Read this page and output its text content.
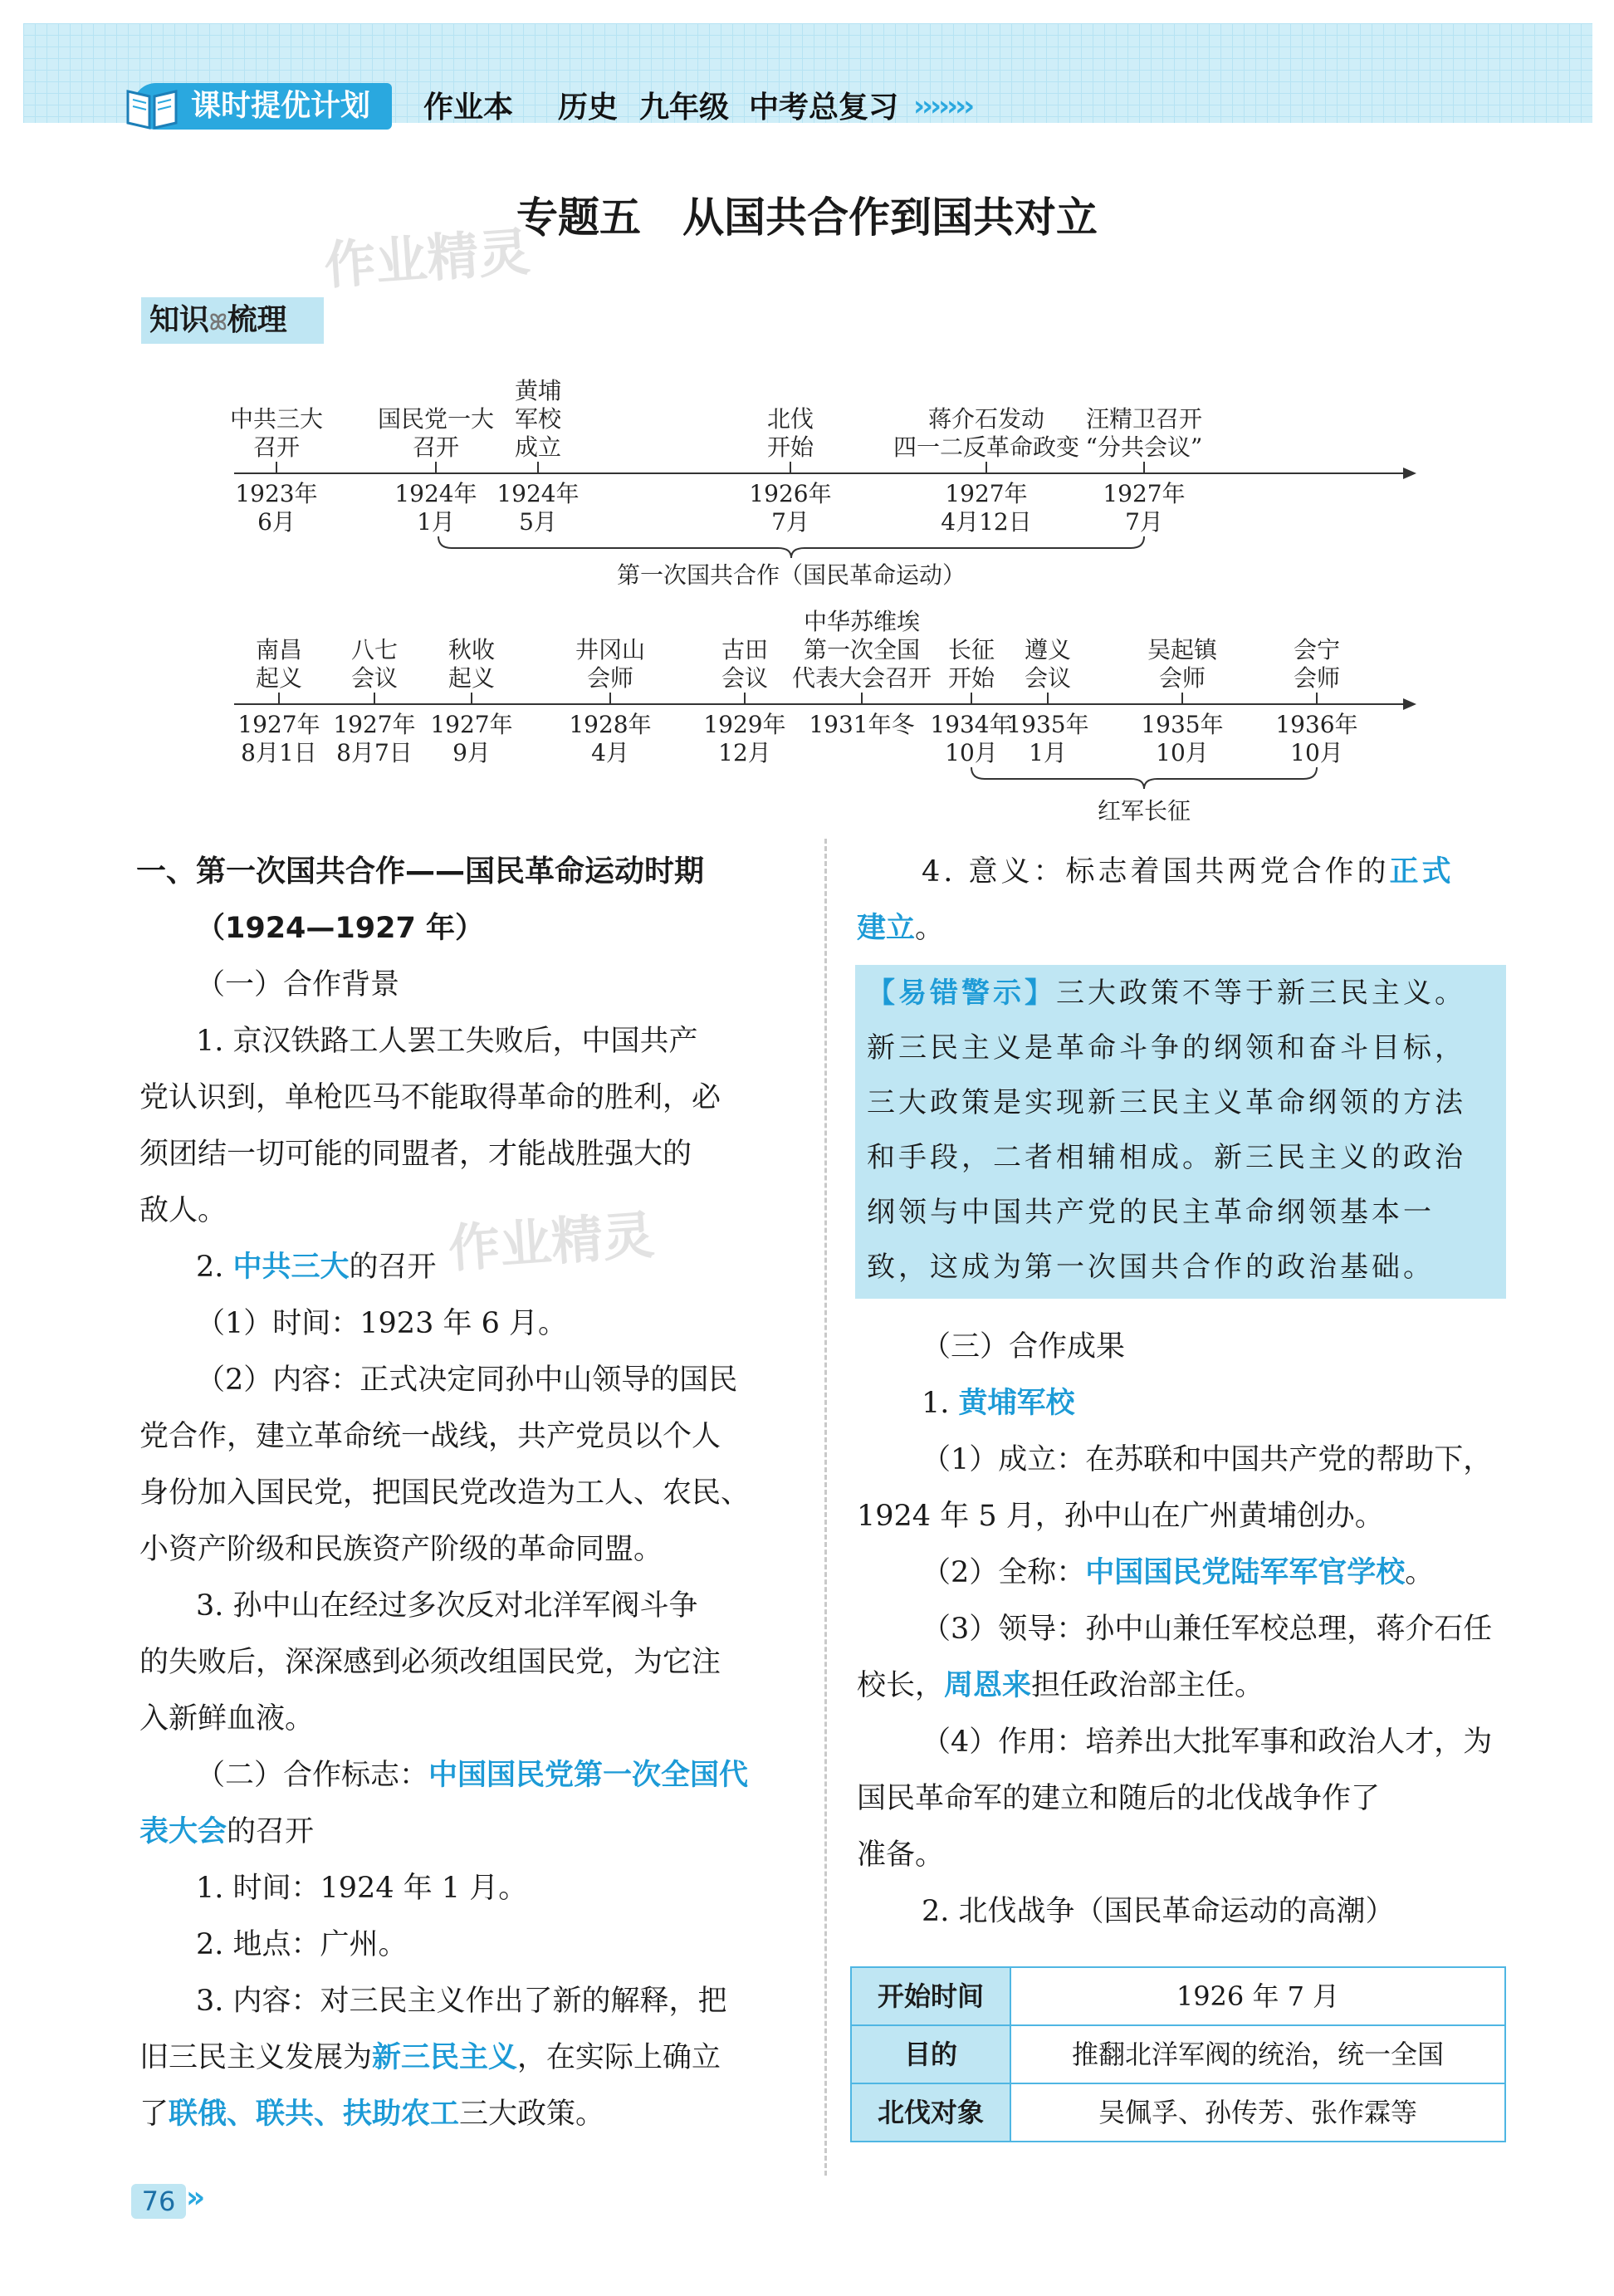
课时提优计划	作业本 历史 九年级 中考总复习 ›››››››
专题五　从国共合作到国共对立
作业精灵
知识ꕤ梳理
中共三大
召开
1923年
6月
国民党一大
召开
1924年
1月
黄埔
军校
成立
1924年
5月
北伐
开始
1926年
7月
蒋介石发动
四一二反革命政变
1927年
4月12日
汪精卫召开
“分共会议”
1927年
7月
第一次国共合作（国民革命运动）
南昌
起义
1927年
8月1日
八七
会议
1927年
8月7日
秋收
起义
1927年
9月
井冈山
会师
1928年
4月
古田
会议
1929年
12月
中华苏维埃
第一次全国
代表大会召开
1931年冬
长征
开始
1934年
10月
遵义
会议
1935年
1月
吴起镇
会师
1935年
10月
会宁
会师
1936年
10月
红军长征
一、第一次国共合作——国民革命运动时期
（1924—1927 年）
（一）合作背景
1. 京汉铁路工人罢工失败后，中国共产
党认识到，单枪匹马不能取得革命的胜利，必
须团结一切可能的同盟者，才能战胜强大的
敌人。
2. 中共三大的召开 作业精灵
（1）时间：1923 年 6 月。
（2）内容：正式决定同孙中山领导的国民
党合作，建立革命统一战线，共产党员以个人
身份加入国民党，把国民党改造为工人、农民、
小资产阶级和民族资产阶级的革命同盟。
3. 孙中山在经过多次反对北洋军阀斗争
的失败后，深深感到必须改组国民党，为它注
入新鲜血液。
（二）合作标志：中国国民党第一次全国代
表大会的召开
1. 时间：1924 年 1 月。
2. 地点：广州。
3. 内容：对三民主义作出了新的解释，把
旧三民主义发展为新三民主义，在实际上确立
了联俄、联共、扶助农工三大政策。
4. 意义：标志着国共两党合作的正式
建立。
【易错警示】三大政策不等于新三民主义。
新三民主义是革命斗争的纲领和奋斗目标，
三大政策是实现新三民主义革命纲领的方法
和手段，二者相辅相成。新三民主义的政治
纲领与中国共产党的民主革命纲领基本一
致，这成为第一次国共合作的政治基础。
（三）合作成果
1. 黄埔军校
（1）成立：在苏联和中国共产党的帮助下，
1924 年 5 月，孙中山在广州黄埔创办。
（2）全称：中国国民党陆军军官学校。
（3）领导：孙中山兼任军校总理，蒋介石任
校长，周恩来担任政治部主任。
（4）作用：培养出大批军事和政治人才，为
国民革命军的建立和随后的北伐战争作了
准备。
2. 北伐战争（国民革命运动的高潮）
开始时间	1926 年 7 月
目的	推翻北洋军阀的统治，统一全国
北伐对象	吴佩孚、孙传芳、张作霖等
76 »
